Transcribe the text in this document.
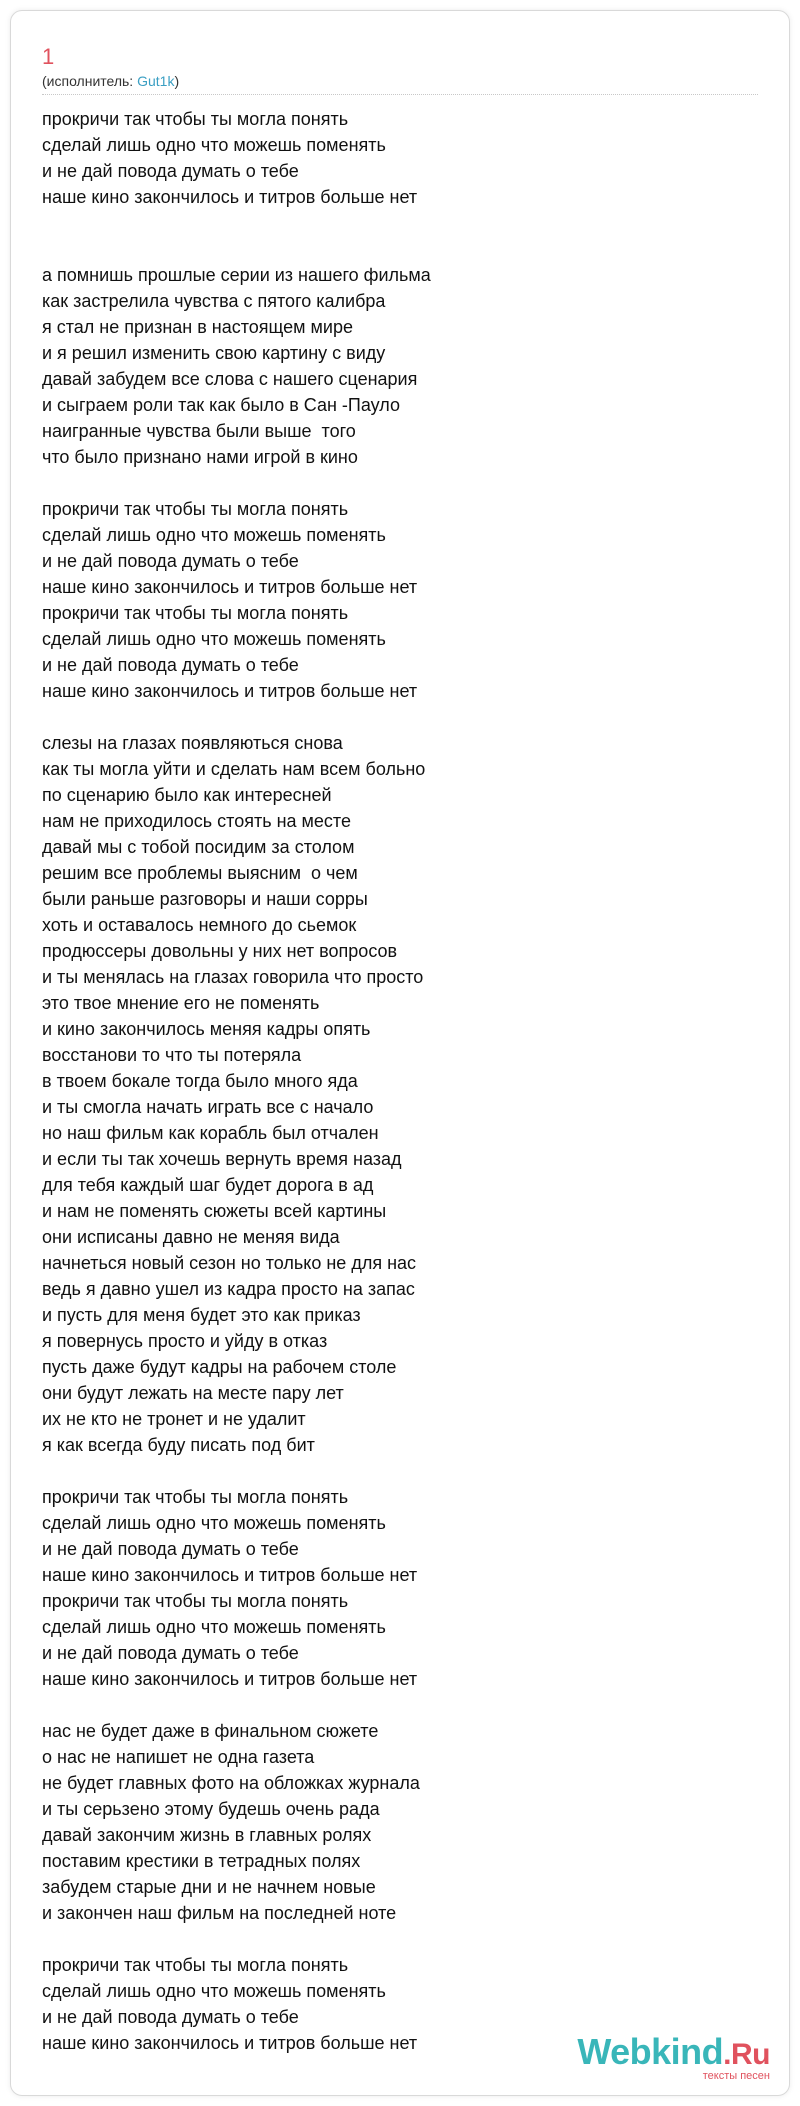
1
(исполнитель: Gut1k)
прокричи так чтобы ты могла понять
сделай лишь одно что можешь поменять
и не дай повода думать о тебе
наше кино закончилось и титров больше нет
а помнишь прошлые серии из нашего фильма
как застрелила чувства с пятого калибра
я стал не признан в настоящем мире
и я решил изменить свою картину с виду
давай забудем все слова с нашего сценария
и сыграем роли так как было в Сан -Пауло
наигранные чувства были выше  того
что было признано нами игрой в кино
прокричи так чтобы ты могла понять
сделай лишь одно что можешь поменять
и не дай повода думать о тебе
наше кино закончилось и титров больше нет
прокричи так чтобы ты могла понять
сделай лишь одно что можешь поменять
и не дай повода думать о тебе
наше кино закончилось и титров больше нет
слезы на глазах появляються снова
как ты могла уйти и сделать нам всем больно
по сценарию было как интересней
нам не приходилось стоять на месте
давай мы с тобой посидим за столом
решим все проблемы выясним  о чем
были раньше разговоры и наши сорры
хоть и оставалось немного до сьемок
продюссеры довольны у них нет вопросов
и ты менялась на глазах говорила что просто
это твое мнение его не поменять
и кино закончилось меняя кадры опять
восстанови то что ты потеряла
в твоем бокале тогда было много яда
и ты смогла начать играть все с начало
но наш фильм как корабль был отчален
и если ты так хочешь вернуть время назад
для тебя каждый шаг будет дорога в ад
и нам не поменять сюжеты всей картины
они исписаны давно не меняя вида
начнеться новый сезон но только не для нас
ведь я давно ушел из кадра просто на запас
и пусть для меня будет это как приказ
я повернусь просто и уйду в отказ
пусть даже будут кадры на рабочем столе
они будут лежать на месте пару лет
их не кто не тронет и не удалит
я как всегда буду писать под бит
прокричи так чтобы ты могла понять
сделай лишь одно что можешь поменять
и не дай повода думать о тебе
наше кино закончилось и титров больше нет
прокричи так чтобы ты могла понять
сделай лишь одно что можешь поменять
и не дай повода думать о тебе
наше кино закончилось и титров больше нет
нас не будет даже в финальном сюжете
о нас не напишет не одна газета
не будет главных фото на обложках журнала
и ты серьзено этому будешь очень рада
давай закончим жизнь в главных ролях
поставим крестики в тетрадных полях
забудем старые дни и не начнем новые
и закончен наш фильм на последней ноте
прокричи так чтобы ты могла понять
сделай лишь одно что можешь поменять
и не дай повода думать о тебе
наше кино закончилось и титров больше нет	Webkind.Ru
тексты песен
